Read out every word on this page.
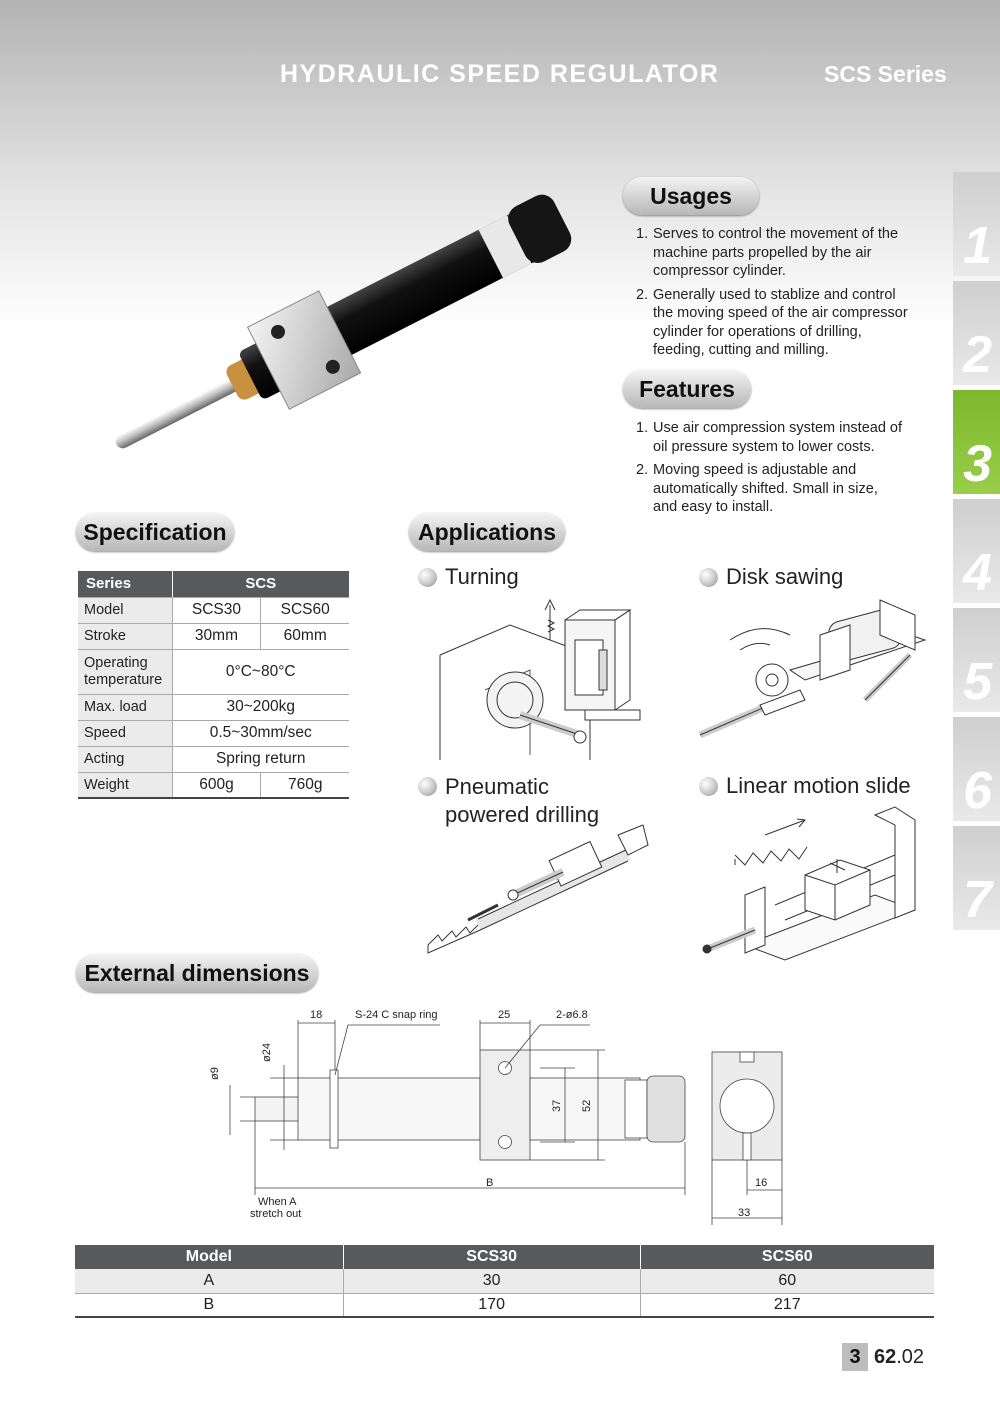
HYDRAULIC SPEED REGULATOR	SCS Series
1
2
3
4
5
6
7
Usages
1. Serves to control the movement of the machine parts propelled by the air compressor cylinder.
2. Generally used to stablize and control the moving speed of the air compressor cylinder for operations of drilling, feeding, cutting and milling.
Features
1. Use air compression system instead of oil pressure system to lower costs.
2. Moving speed is adjustable and automatically shifted. Small in size, and easy to install.
Specification
Series	SCS	
Model	SCS30	SCS60
Stroke	30mm	60mm
Operating
temperature	0°C~80°C	
Max. load	30~200kg	
Speed	0.5~30mm/sec	
Acting	Spring return	
Weight	600g	760g
Applications
Turning	Disk sawing
Pneumatic
powered drilling
Linear motion slide
External dimensions
18	S-24 C snap ring	25	2-ø6.8
ø9
ø24
37 52
B
When A
stretch out
16
33
Model	SCS30	SCS60
A	30	60
B	170	217
3 62 .02
